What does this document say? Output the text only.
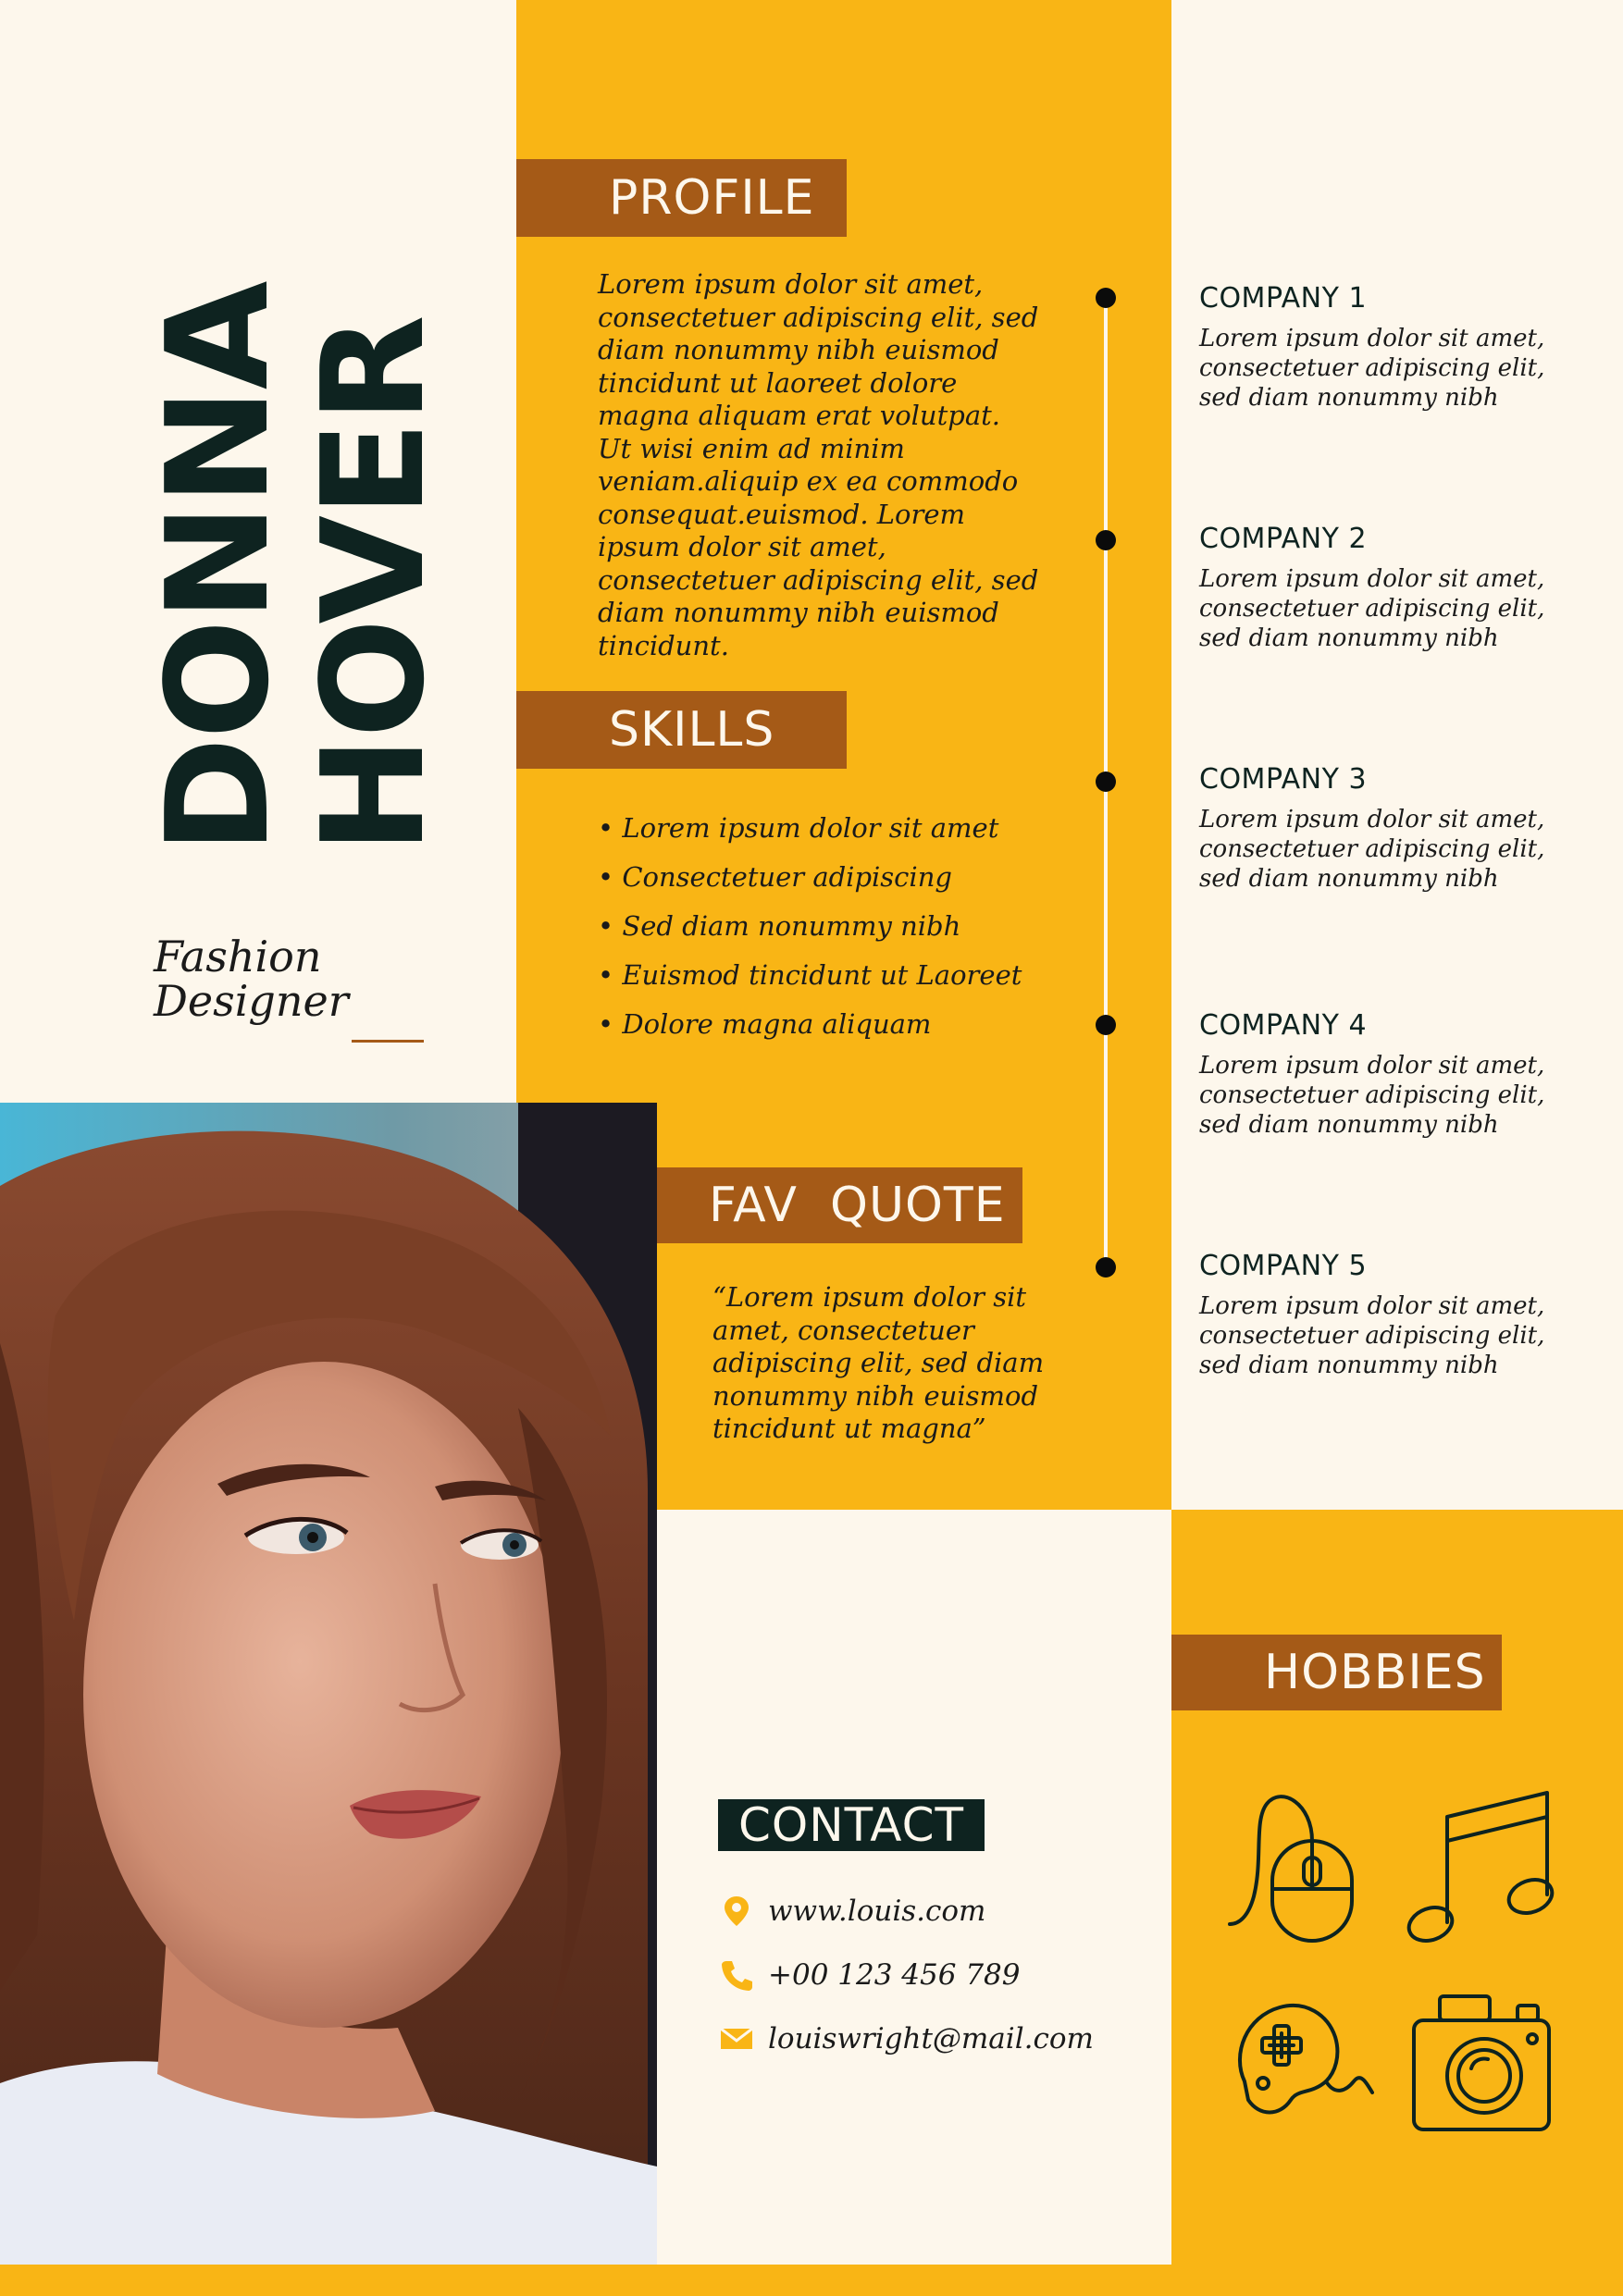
DONNA
HOVER
Fashion
Designer
PROFILE
Lorem ipsum dolor sit amet, consectetuer adipiscing elit, sed diam nonummy nibh euismod tincidunt ut laoreet dolore magna aliquam erat volutpat. Ut wisi enim ad minim veniam.aliquip ex ea commodo consequat.euismod. Lorem ipsum dolor sit amet, consectetuer adipiscing elit, sed diam nonummy nibh euismod tincidunt.
SKILLS
• Lorem ipsum dolor sit amet
• Consectetuer adipiscing
• Sed diam nonummy nibh
• Euismod tincidunt ut Laoreet
• Dolore magna aliquam
FAV  QUOTE
“Lorem ipsum dolor sit amet, consectetuer adipiscing elit, sed diam nonummy nibh euismod tincidunt ut magna”
COMPANY 1
Lorem ipsum dolor sit amet, consectetuer adipiscing elit, sed diam nonummy nibh
COMPANY 2
Lorem ipsum dolor sit amet, consectetuer adipiscing elit, sed diam nonummy nibh
COMPANY 3
Lorem ipsum dolor sit amet, consectetuer adipiscing elit, sed diam nonummy nibh
COMPANY 4
Lorem ipsum dolor sit amet, consectetuer adipiscing elit, sed diam nonummy nibh
COMPANY 5
Lorem ipsum dolor sit amet, consectetuer adipiscing elit, sed diam nonummy nibh
CONTACT
www.louis.com
+00 123 456 789
louiswright@mail.com
HOBBIES
